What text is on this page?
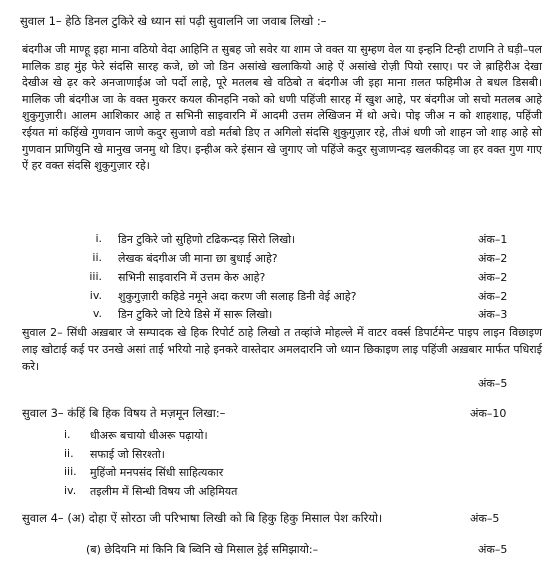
सुवाल 1– हेठि डिनल टुकिरे खे ध्यान सां पढ़ी सुवालनि जा जवाब लिखो :–

बंदगीअ जी माण्हू इहा माना वठियो वेदा आहिनि त सुबह जो सवेर या शाम जे वक्त या सुम्हण वेल या इन्हनि टिन्ही टाणनि ते घड़ी–पल मालिक डाह मुंह फेरे संदसि सारह कजे, छो जो डिन असांखे खलाकियो आहे ऐं असांखे रोज़ी पियो रसाए। पर जे ब़ाहिरीअ देखा देखीअ खे ढ़र करे अनजाणाईअ जो पर्दो लाहे, पूरे मतलब खे वठिबो त बंदगीअ जी इहा माना ग़लत फहिमीअ ते बधल डिसबी। मालिक जी बंदगीअ जा के वक्त मुकरर कयल कीनहनि नको को धणी पहिंजी सारह में खुश आहे, पर बंदगीअ जो सचो मतलब आहे शुकुगुज़ारी। आलम आशिकार आहे त सभिनी साइवारनि में आदमी उत्तम लेखिजन में थो अचे। पोइ जीअ न को शाहशाह, पहिंजी रईयत मां कहिंखे गुणवान जाणे कदुर सुजाणे वडो मर्तबो डिए त अगिलो संदसि शुकुगुज़ार रहे, तीअं धणी जो शाहन जो शाह आहे सो गुणवान प्राणियुनि खे मानुख जनमु थो डिए। इन्हीअ करे इंसान खे जुगाए जो पहिंजे कदुर सुजाणन्दड़ खलकीदड़ जा हर वक्त गुण गाए ऐं हर वक्त संदसि शुकुगुज़ार रहे।

i. डिन टुकिरे जो सुहिणो टढिकन्दड़ सिरो लिखो।	अंक–1
ii. लेखक बंदगीअ जी माना छा बुधाई आहे?	अंक–2
iii. सभिनी साइवारनि में उत्तम केरु आहे?	अंक–2
iv. शुकुगुज़ारी कहिडे नमूने अदा करण जी सलाह डिनी वेई आहे?	अंक–2
v. डिन टुकिरे जो टिये डिसे में सारू लिखो।	अंक–3

सुवाल 2– सिंधी अख़बार जे सम्पादक खे हिक रिपोर्ट ठाहे लिखो त तव्हांजे मोहल्ले में वाटर वर्क्स डिपार्टमेन्ट पाइप लाइन विछाइण लाइ खोटाई कई पर उनखे असां ताई भरियो नाहे इनकरे वास्तेदार अमलदारनि जो ध्यान छिकाइण लाइ पहिंजी अख़बार मार्फत पधिराई करे।

अंक–5
सुवाल 3– कंहिं बि हिक विषय ते मज़मून लिखा:–	अंक–10
i.	धीअरू बचायो धीअरू पढ़ायो।
ii.	सफाई जो सिरश्तो।
iii.	मुहिंजो मनपसंद सिंधी साहित्यकार
iv.	तइलीम में सिन्धी विषय जी अहिमियत
सुवाल 4– (अ) दोहा ऐं सोरठा जी परिभाषा लिखी को बि हिकु हिकु मिसाल पेश करियो।	अंक–5
(ब) छेदियनि मां किनि बि ब्विनि खे मिसाल ट्ठेई समिझायो:–	अंक–5
